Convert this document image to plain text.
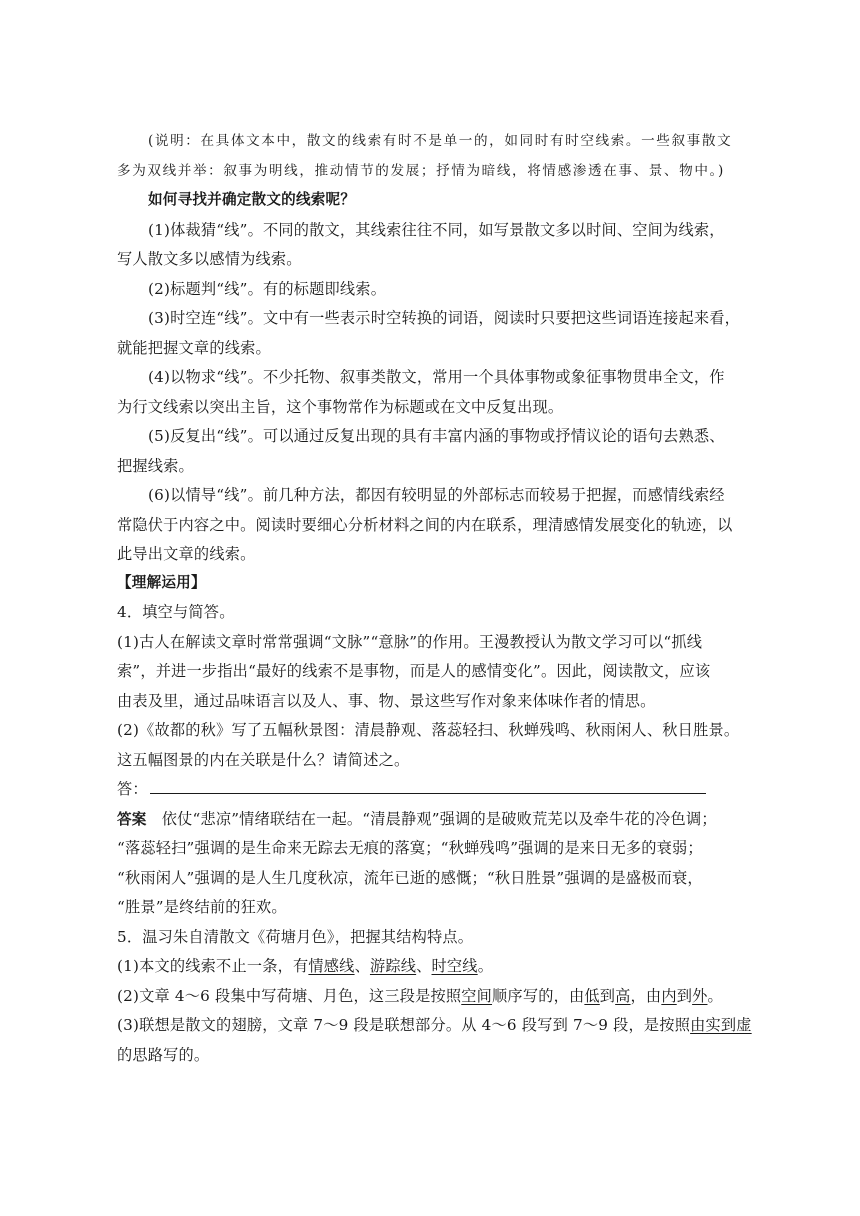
(说明：在具体文本中，散文的线索有时不是单一的，如同时有时空线索。一些叙事散文
多为双线并举：叙事为明线，推动情节的发展；抒情为暗线，将情感渗透在事、景、物中。)
如何寻找并确定散文的线索呢？
(1)体裁猜“线”。不同的散文，其线索往往不同，如写景散文多以时间、空间为线索，
写人散文多以感情为线索。
(2)标题判“线”。有的标题即线索。
(3)时空连“线”。文中有一些表示时空转换的词语，阅读时只要把这些词语连接起来看，
就能把握文章的线索。
(4)以物求“线”。不少托物、叙事类散文，常用一个具体事物或象征事物贯串全文，作
为行文线索以突出主旨，这个事物常作为标题或在文中反复出现。
(5)反复出“线”。可以通过反复出现的具有丰富内涵的事物或抒情议论的语句去熟悉、
把握线索。
(6)以情导“线”。前几种方法，都因有较明显的外部标志而较易于把握，而感情线索经
常隐伏于内容之中。阅读时要细心分析材料之间的内在联系，理清感情发展变化的轨迹，以
此导出文章的线索。
【理解运用】
4．填空与简答。
(1)古人在解读文章时常常强调“文脉”“意脉”的作用。王漫教授认为散文学习可以“抓线
索”，并进一步指出“最好的线索不是事物，而是人的感情变化”。因此，阅读散文，应该
由表及里，通过品味语言以及人、事、物、景这些写作对象来体味作者的情思。
(2)《故都的秋》写了五幅秋景图：清晨静观、落蕊轻扫、秋蝉残鸣、秋雨闲人、秋日胜景。
这五幅图景的内在关联是什么？请简述之。
答：
答案 依仗“悲凉”情绪联结在一起。“清晨静观”强调的是破败荒芜以及牵牛花的冷色调；
“落蕊轻扫”强调的是生命来无踪去无痕的落寞；“秋蝉残鸣”强调的是来日无多的衰弱；
“秋雨闲人”强调的是人生几度秋凉，流年已逝的感慨；“秋日胜景”强调的是盛极而衰，
“胜景”是终结前的狂欢。
5．温习朱自清散文《荷塘月色》，把握其结构特点。
(1)本文的线索不止一条，有情感线、游踪线、时空线。
(2)文章 4～6 段集中写荷塘、月色，这三段是按照空间顺序写的，由低到高，由内到外。
(3)联想是散文的翅膀，文章 7～9 段是联想部分。从 4～6 段写到 7～9 段，是按照由实到虚
的思路写的。
